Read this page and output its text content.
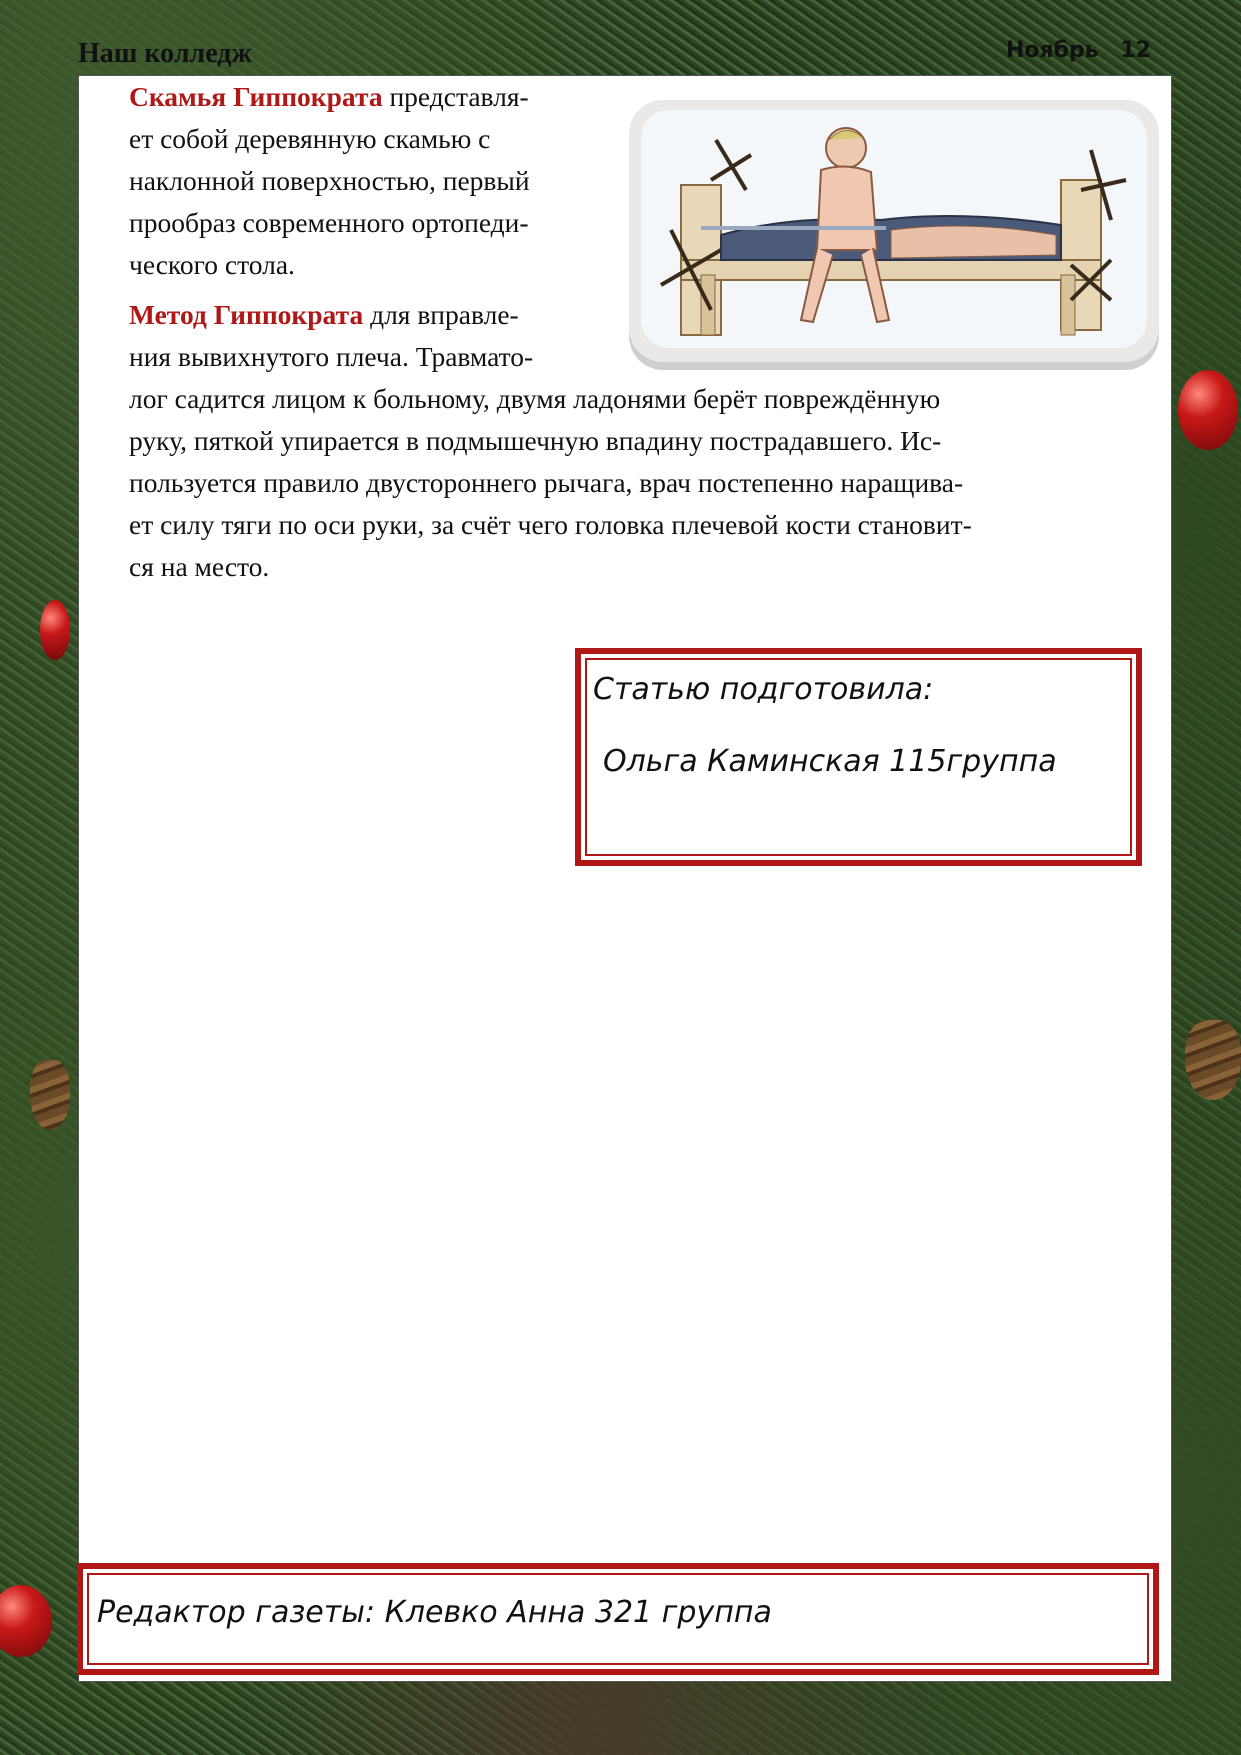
Наш колледж	Ноябрь 12
Скамья Гиппократа представля-
ет собой деревянную скамью с
наклонной поверхностью, первый
прообраз современного ортопеди-
ческого стола.
Метод Гиппократа для вправле-
ния вывихнутого плеча. Травмато-
лог садится лицом к больному, двумя ладонями берёт повреждённую
руку, пяткой упирается в подмышечную впадину пострадавшего. Ис-
пользуется правило двустороннего рычага, врач постепенно наращива-
ет силу тяги по оси руки, за счёт чего головка плечевой кости становит-
ся на место.
Статью подготовила:
Ольга Каминская 115группа
Редактор газеты: Клевко Анна 321 группа
